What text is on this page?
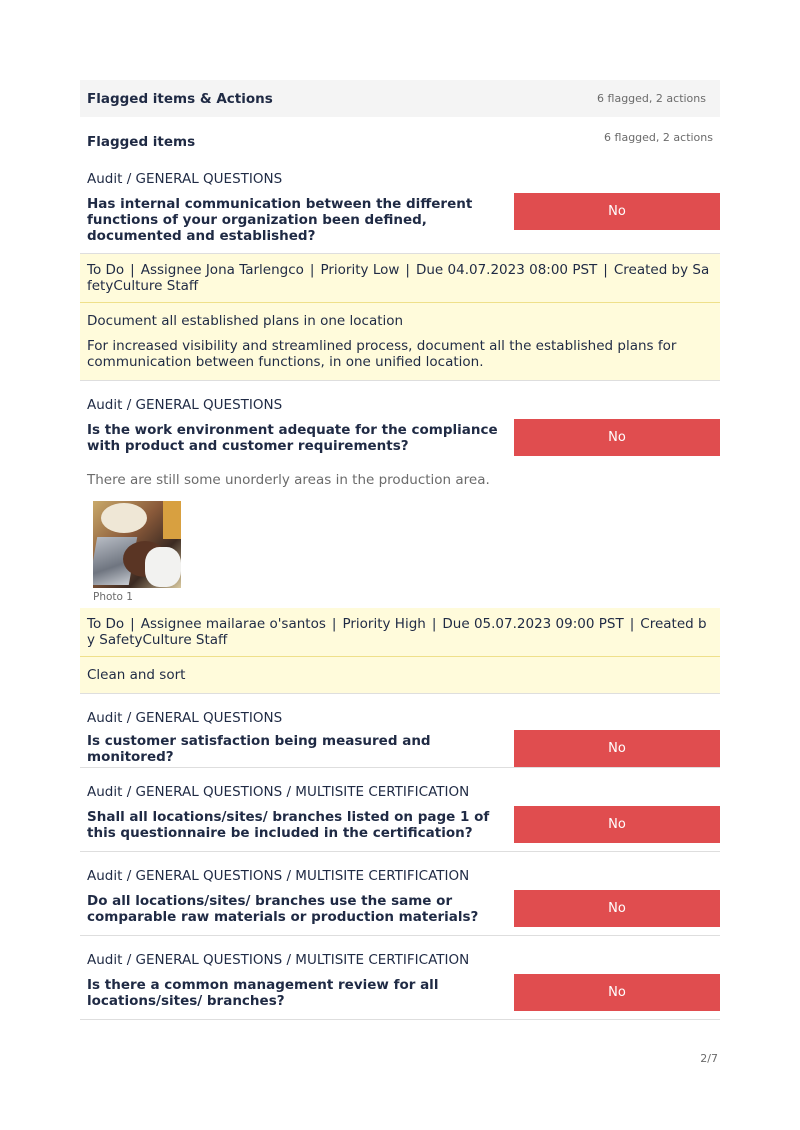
Flagged items & Actions	6 flagged, 2 actions
Flagged items	6 flagged, 2 actions
Audit / GENERAL QUESTIONS
Has internal communication between the different functions of your organization been defined, documented and established?
No
To Do | Assignee Jona Tarlengco | Priority Low | Due 04.07.2023 08:00 PST | Created by SafetyCulture Staff
Document all established plans in one location
For increased visibility and streamlined process, document all the established plans for communication between functions, in one unified location.
Audit / GENERAL QUESTIONS
Is the work environment adequate for the compliance with product and customer requirements?
No
There are still some unorderly areas in the production area.
Photo 1
To Do | Assignee mailarae o'santos | Priority High | Due 05.07.2023 09:00 PST | Created by SafetyCulture Staff
Clean and sort
Audit / GENERAL QUESTIONS
Is customer satisfaction being measured and monitored?	No
Audit / GENERAL QUESTIONS / MULTISITE CERTIFICATION
Shall all locations/sites/ branches listed on page 1 of this questionnaire be included in the certification?
No
Audit / GENERAL QUESTIONS / MULTISITE CERTIFICATION
Do all locations/sites/ branches use the same or comparable raw materials or production materials?
No
Audit / GENERAL QUESTIONS / MULTISITE CERTIFICATION
Is there a common management review for all locations/sites/ branches?
No
2/7
